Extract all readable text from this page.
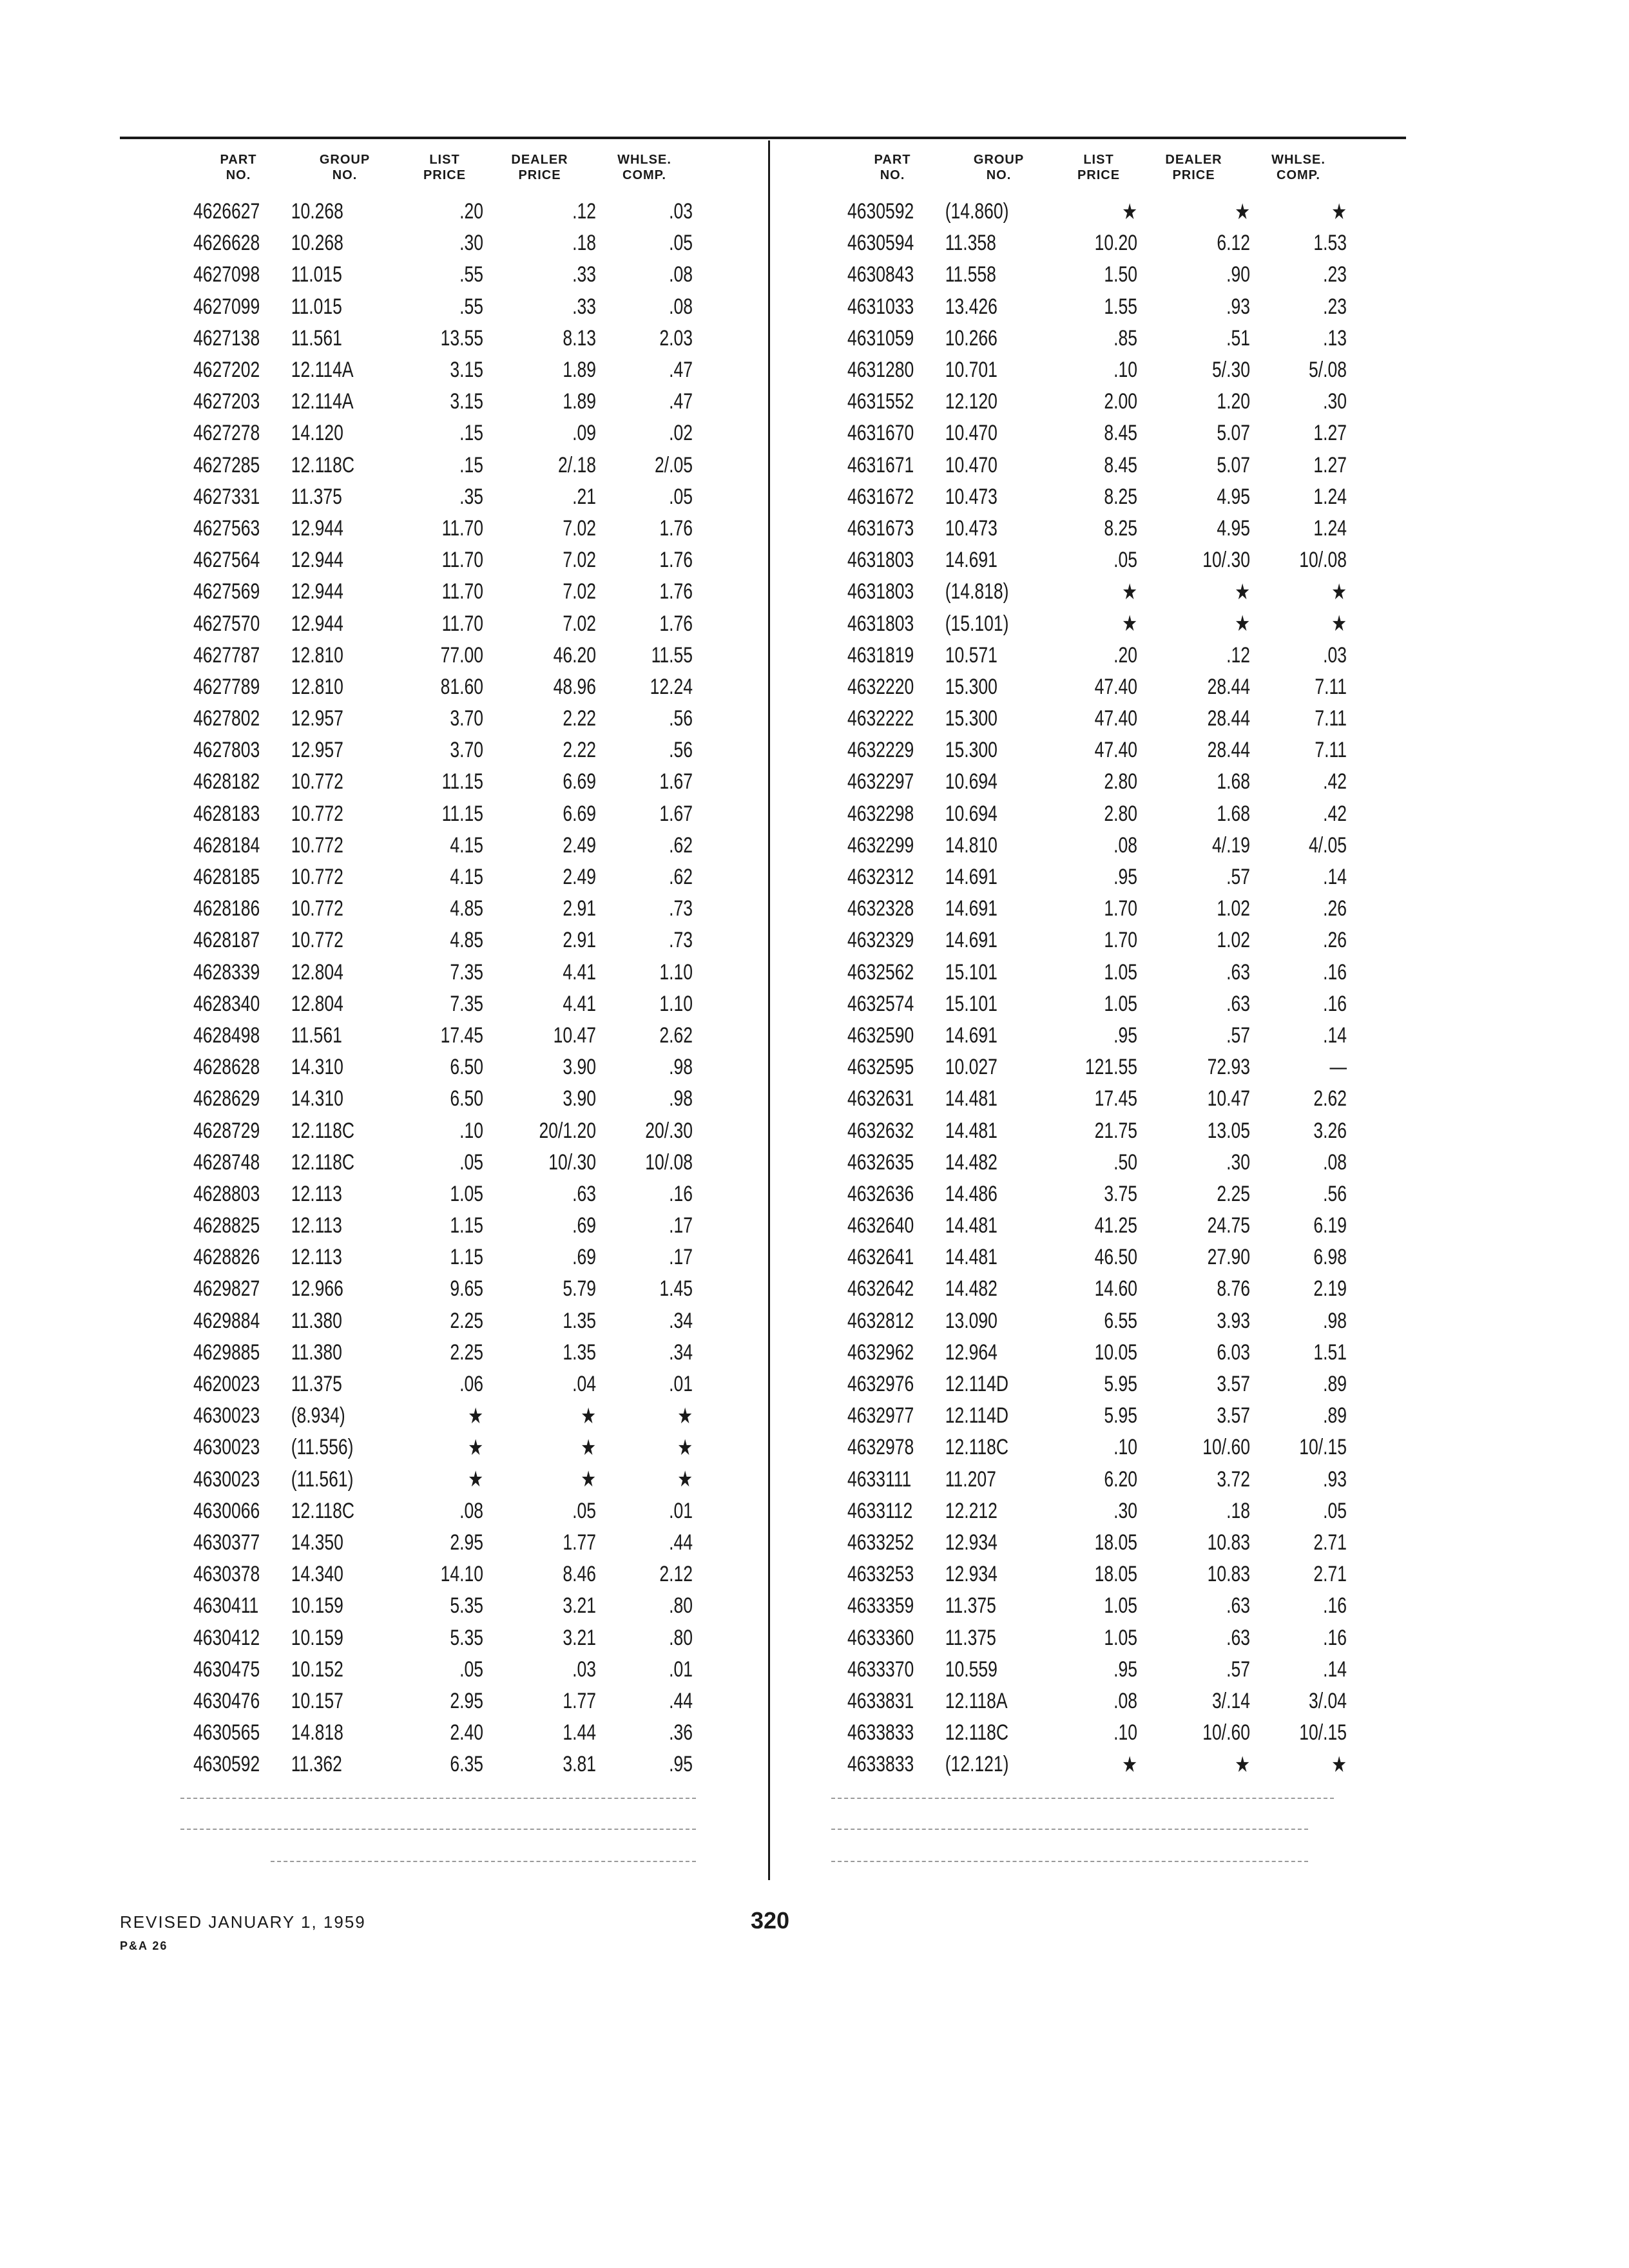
PART
NO.
GROUP
NO.
LIST
PRICE
DEALER
PRICE
WHLSE.
COMP.
4626627	10.268	.20	.12	.03
4626628	10.268	.30	.18	.05
4627098	11.015	.55	.33	.08
4627099	11.015	.55	.33	.08
4627138	11.561	13.55	8.13	2.03
4627202	12.114A	3.15	1.89	.47
4627203	12.114A	3.15	1.89	.47
4627278	14.120	.15	.09	.02
4627285	12.118C	.15	2/.18	2/.05
4627331	11.375	.35	.21	.05
4627563	12.944	11.70	7.02	1.76
4627564	12.944	11.70	7.02	1.76
4627569	12.944	11.70	7.02	1.76
4627570	12.944	11.70	7.02	1.76
4627787	12.810	77.00	46.20	11.55
4627789	12.810	81.60	48.96	12.24
4627802	12.957	3.70	2.22	.56
4627803	12.957	3.70	2.22	.56
4628182	10.772	11.15	6.69	1.67
4628183	10.772	11.15	6.69	1.67
4628184	10.772	4.15	2.49	.62
4628185	10.772	4.15	2.49	.62
4628186	10.772	4.85	2.91	.73
4628187	10.772	4.85	2.91	.73
4628339	12.804	7.35	4.41	1.10
4628340	12.804	7.35	4.41	1.10
4628498	11.561	17.45	10.47	2.62
4628628	14.310	6.50	3.90	.98
4628629	14.310	6.50	3.90	.98
4628729	12.118C	.10	20/1.20	20/.30
4628748	12.118C	.05	10/.30	10/.08
4628803	12.113	1.05	.63	.16
4628825	12.113	1.15	.69	.17
4628826	12.113	1.15	.69	.17
4629827	12.966	9.65	5.79	1.45
4629884	11.380	2.25	1.35	.34
4629885	11.380	2.25	1.35	.34
4620023	11.375	.06	.04	.01
4630023	(8.934)	★	★	★
4630023	(11.556)	★	★	★
4630023	(11.561)	★	★	★
4630066	12.118C	.08	.05	.01
4630377	14.350	2.95	1.77	.44
4630378	14.340	14.10	8.46	2.12
4630411	10.159	5.35	3.21	.80
4630412	10.159	5.35	3.21	.80
4630475	10.152	.05	.03	.01
4630476	10.157	2.95	1.77	.44
4630565	14.818	2.40	1.44	.36
4630592	11.362	6.35	3.81	.95
PART
NO.
GROUP
NO.
LIST
PRICE
DEALER
PRICE
WHLSE.
COMP.
4630592	(14.860)	★	★	★
4630594	11.358	10.20	6.12	1.53
4630843	11.558	1.50	.90	.23
4631033	13.426	1.55	.93	.23
4631059	10.266	.85	.51	.13
4631280	10.701	.10	5/.30	5/.08
4631552	12.120	2.00	1.20	.30
4631670	10.470	8.45	5.07	1.27
4631671	10.470	8.45	5.07	1.27
4631672	10.473	8.25	4.95	1.24
4631673	10.473	8.25	4.95	1.24
4631803	14.691	.05	10/.30	10/.08
4631803	(14.818)	★	★	★
4631803	(15.101)	★	★	★
4631819	10.571	.20	.12	.03
4632220	15.300	47.40	28.44	7.11
4632222	15.300	47.40	28.44	7.11
4632229	15.300	47.40	28.44	7.11
4632297	10.694	2.80	1.68	.42
4632298	10.694	2.80	1.68	.42
4632299	14.810	.08	4/.19	4/.05
4632312	14.691	.95	.57	.14
4632328	14.691	1.70	1.02	.26
4632329	14.691	1.70	1.02	.26
4632562	15.101	1.05	.63	.16
4632574	15.101	1.05	.63	.16
4632590	14.691	.95	.57	.14
4632595	10.027	121.55	72.93	—
4632631	14.481	17.45	10.47	2.62
4632632	14.481	21.75	13.05	3.26
4632635	14.482	.50	.30	.08
4632636	14.486	3.75	2.25	.56
4632640	14.481	41.25	24.75	6.19
4632641	14.481	46.50	27.90	6.98
4632642	14.482	14.60	8.76	2.19
4632812	13.090	6.55	3.93	.98
4632962	12.964	10.05	6.03	1.51
4632976	12.114D	5.95	3.57	.89
4632977	12.114D	5.95	3.57	.89
4632978	12.118C	.10	10/.60	10/.15
4633111	11.207	6.20	3.72	.93
4633112	12.212	.30	.18	.05
4633252	12.934	18.05	10.83	2.71
4633253	12.934	18.05	10.83	2.71
4633359	11.375	1.05	.63	.16
4633360	11.375	1.05	.63	.16
4633370	10.559	.95	.57	.14
4633831	12.118A	.08	3/.14	3/.04
4633833	12.118C	.10	10/.60	10/.15
4633833	(12.121)	★	★	★
REVISED JANUARY 1, 1959
P&A 26
320
